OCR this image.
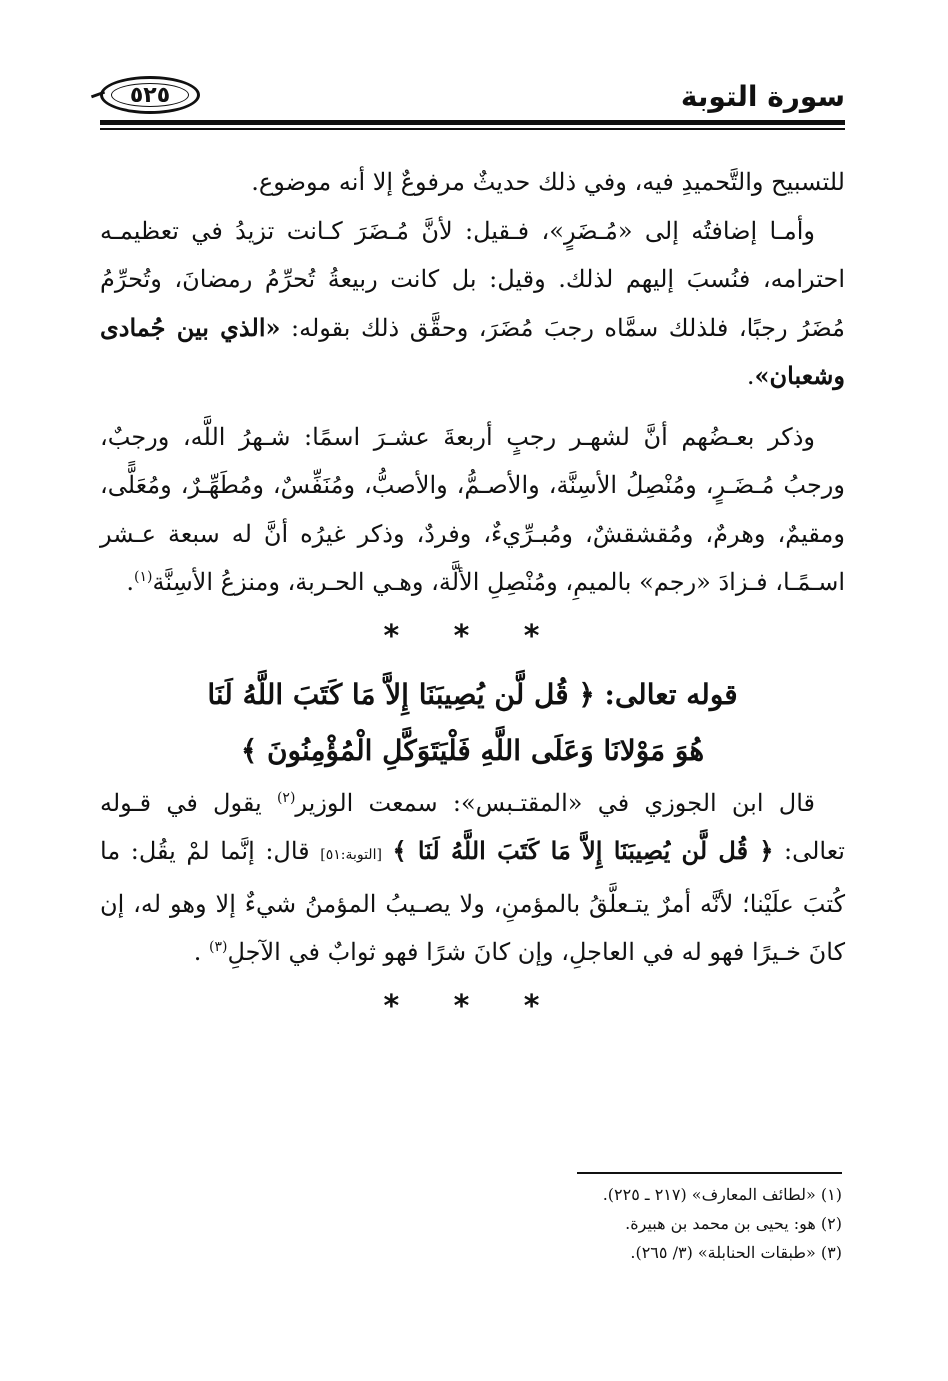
٥٢٥	سورة التوبة

للتسبيح والتَّحميدِ فيه، وفي ذلك حديثٌ مرفوعٌ إلا أنه موضوع.

وأمـا إضافتُه إلى «مُـضَرٍ»، فـقيل: لأنَّ مُـضَرَ كـانت تزيدُ في تعظيمـه احترامه، فنُسبَ إليهم لذلك. وقيل: بل كانت ربيعةُ تُحرِّمُ رمضانَ، وتُحرِّمُ مُضَرُ رجبًا، فلذلك سمَّاه رجبَ مُضَرَ، وحقَّق ذلك بقوله: «الذي بين جُمادى وشعبان».

وذكر بعـضُهم أنَّ لشهـر رجبٍ أربعةَ عشـرَ اسمًا: شـهرُ اللَّه، ورجبٌ، ورجبُ مُـضَـرٍ، ومُنْصِلُ الأسِنَّة، والأصـمُّ، والأصبُّ، ومُنَفِّسٌ، ومُطَهِّـرٌ، ومُعَلًّى، ومقيمٌ، وهرمٌ، ومُقشقشٌ، ومُبـرِّيءٌ، وفردٌ، وذكر غيرُه أنَّ له سبعة عـشر اسـمًـا، فـزادَ «رجم» بالميمِ، ومُنْصِلِ الألَّة، وهـي الحـربة، ومنزعُ الأسِنَّة$^{(١)}$.

* * *
قوله تعالى: ﴿ قُل لَّن يُصِيبَنَا إِلاَّ مَا كَتَبَ اللَّهُ لَنَا
هُوَ مَوْلانَا وَعَلَى اللَّهِ فَلْيَتَوَكَّلِ الْمُؤْمِنُونَ ﴾

قال ابن الجوزي في «المقتـبس»: سمعت الوزير$^{(٢)}$ يقول في قـوله تعالى: ﴿ قُل لَّن يُصِيبَنَا إِلاَّ مَا كَتَبَ اللَّهُ لَنَا ﴾ [التوبة:٥١] قال: إنَّما لمْ يقُل: ما كُتبَ علَيْنا؛ لأنَّه أمرٌ يتـعلَّقُ بالمؤمنِ، ولا يصـيبُ المؤمنُ شيءٌ إلا وهو له، إن كانَ خـيرًا فهو له في العاجلِ، وإن كانَ شرًا فهو ثوابٌ في الآجلِ$^{(٣)}$ .

* * *
(١) «لطائف المعارف» (٢١٧ ـ ٢٢٥).
(٢) هو: يحيى بن محمد بن هبيرة.
(٣) «طبقات الحنابلة» (٣/ ٢٦٥).
